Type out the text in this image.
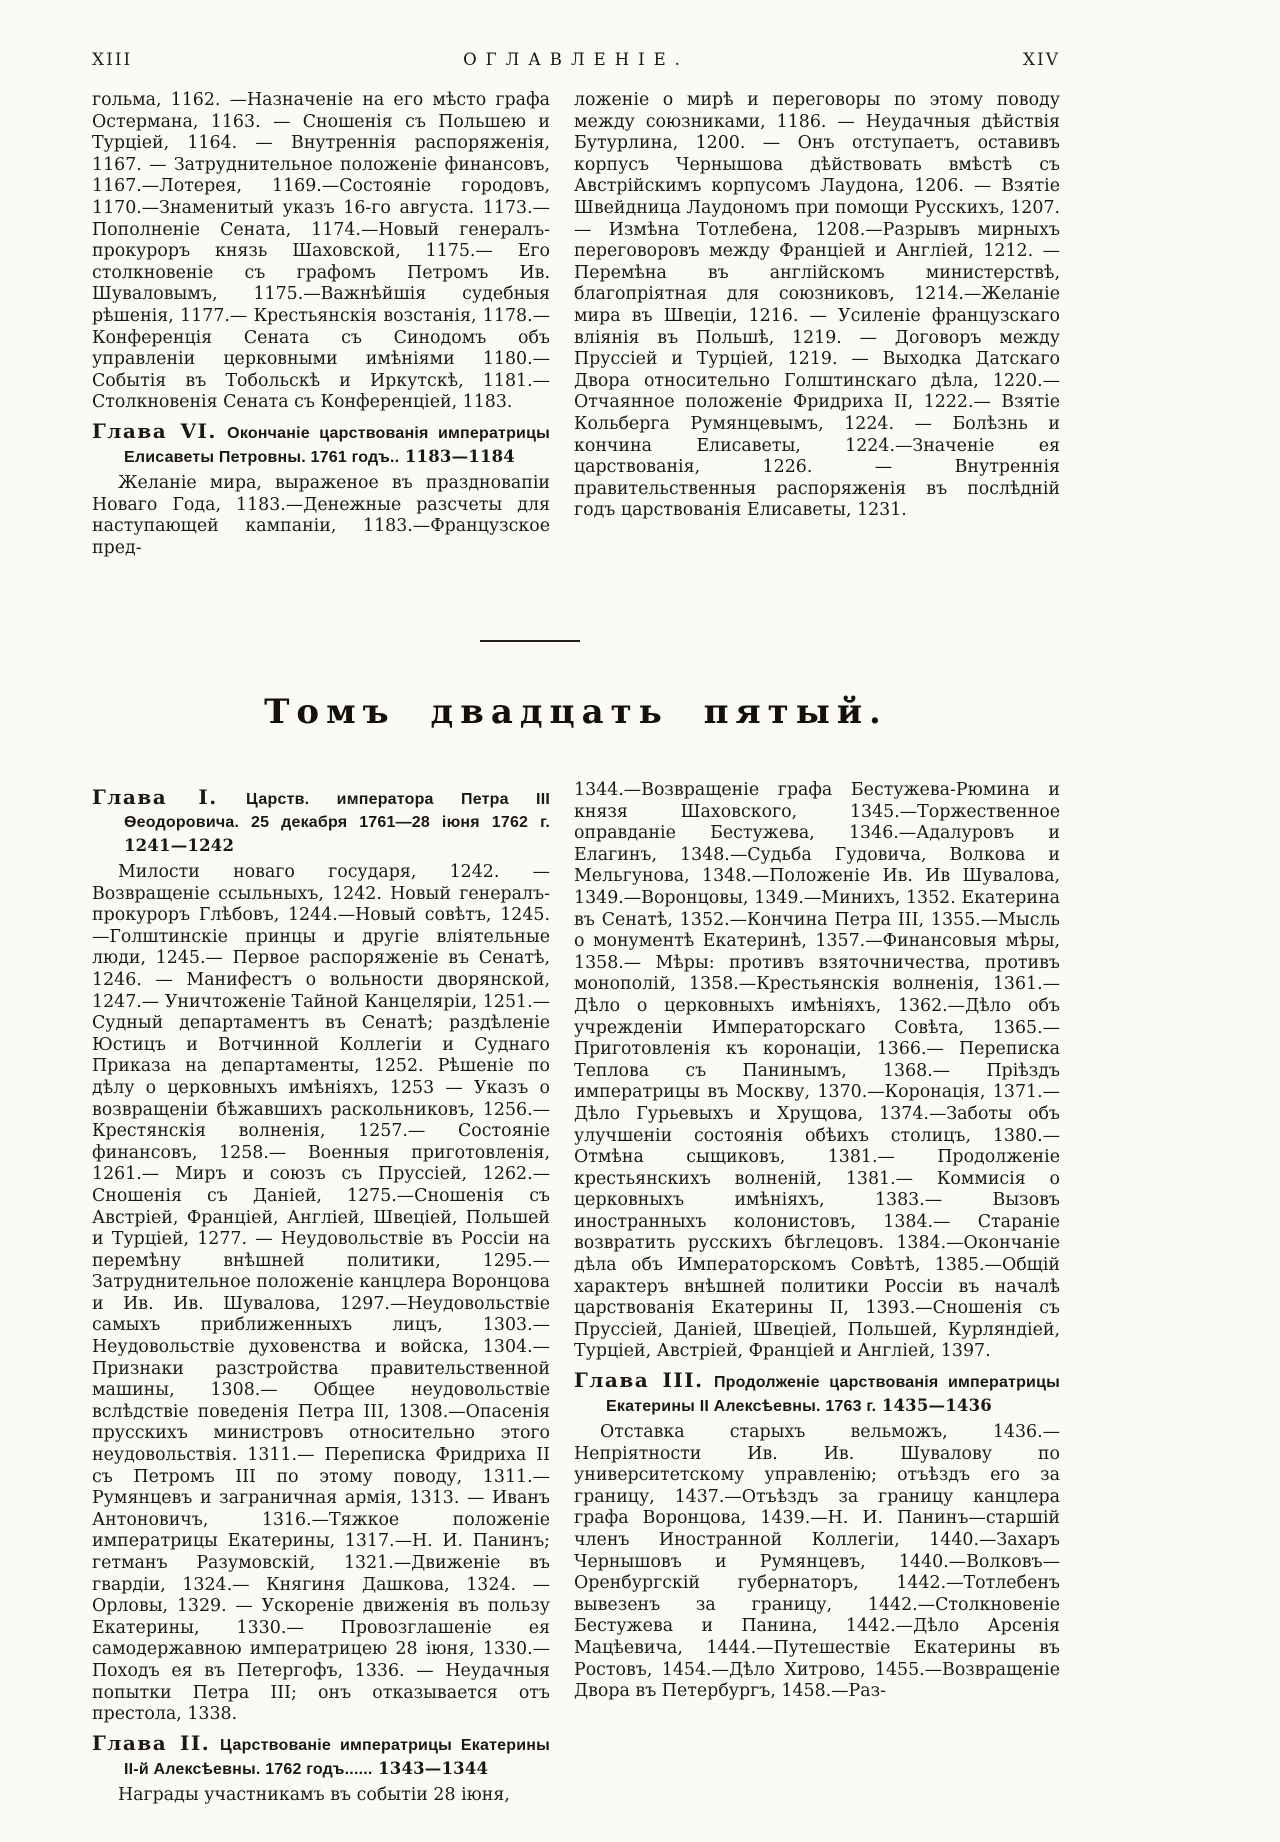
XIII	ОГЛАВЛЕНІЕ.	XIV

гольма, 1162. —Назначеніе на его мѣсто графа Остермана, 1163. — Сношенія съ Польшею и Турціей, 1164. — Внутреннія распоряженія, 1167. — Затруднительное положеніе финансовъ, 1167.—Лотерея, 1169.—Состояніе городовъ, 1170.—Знаменитый указъ 16-го августа. 1173.—Пополненіе Сената, 1174.—Новый генералъ-прокуроръ князь Шаховской, 1175.— Его столкновеніе съ графомъ Петромъ Ив. Шуваловымъ, 1175.—Важнѣйшія судебныя рѣшенія, 1177.— Крестьянскія возстанія, 1178.— Конференція Сената съ Синодомъ объ управленіи церковными имѣніями 1180.—Событія въ Тобольскѣ и Иркутскѣ, 1181.—Столкновенія Сената съ Конференціей, 1183.

Глава VI. Окончаніе царствованія императрицы Елисаветы Петровны. 1761 годъ.. 1183—1184

Желаніе мира, выраженое въ праздновапіи Новаго Года, 1183.—Денежные разсчеты для наступающей кампаніи, 1183.—Французское пред-

ложеніе о мирѣ и переговоры по этому поводу между союзниками, 1186. — Неудачныя дѣйствія Бутурлина, 1200. — Онъ отступаетъ, оставивъ корпусъ Чернышова дѣйствовать вмѣстѣ съ Австрійскимъ корпусомъ Лаудона, 1206. — Взятіе Швейдница Лаудономъ при помощи Русскихъ, 1207. — Измѣна Тотлебена, 1208.—Разрывъ мирныхъ переговоровъ между Франціей и Англіей, 1212. — Перемѣна въ англійскомъ министерствѣ, благопріятная для союзниковъ, 1214.—Желаніе мира въ Швеціи, 1216. — Усиленіе французскаго вліянія въ Польшѣ, 1219. — Договоръ между Пруссіей и Турціей, 1219. — Выходка Датскаго Двора относительно Голштинскаго дѣла, 1220.— Отчаянное положеніе Фридриха II, 1222.— Взятіе Кольберга Румянцевымъ, 1224. — Болѣзнь и кончина Елисаветы, 1224.—Значеніе ея царствованія, 1226. — Внутреннія правительственныя распоряженія въ послѣдній годъ царствованія Елисаветы, 1231.

Томъ двадцать пятый.

Глава I. Царств. императора Петра III Ѳеодоровича. 25 декабря 1761—28 іюня 1762 г. 1241—1242

Милости новаго государя, 1242. — Возвращеніе ссыльныхъ, 1242. Новый генералъ-прокуроръ Глѣбовъ, 1244.—Новый совѣтъ, 1245.—Голштинскіе принцы и другіе вліятельные люди, 1245.— Первое распоряженіе въ Сенатѣ, 1246. — Манифестъ о вольности дворянской, 1247.— Уничтоженіе Тайной Канцеляріи, 1251.— Судный департаментъ въ Сенатѣ; раздѣленіе Юстицъ и Вотчинной Коллегіи и Суднаго Приказа на департаменты, 1252. Рѣшеніе по дѣлу о церковныхъ имѣніяхъ, 1253 — Указъ о возвращеніи бѣжавшихъ раскольниковъ, 1256.— Крестянскія волненія, 1257.— Состояніе финансовъ, 1258.— Военныя приготовленія, 1261.— Миръ и союзъ съ Пруссіей, 1262.—Сношенія съ Даніей, 1275.—Сношенія съ Австріей, Франціей, Англіей, Швеціей, Польшей и Турціей, 1277. — Неудовольствіе въ Россіи на перемѣну внѣшней политики, 1295.—Затруднительное положеніе канцлера Воронцова и Ив. Ив. Шувалова, 1297.—Неудовольствіе самыхъ приближенныхъ лицъ, 1303.—Неудовольствіе духовенства и войска, 1304.—Признаки разстройства правительственной машины, 1308.— Общее неудовольствіе вслѣдствіе поведенія Петра III, 1308.—Опасенія прусскихъ министровъ относительно этого неудовольствія. 1311.— Переписка Фридриха II съ Петромъ III по этому поводу, 1311.—Румянцевъ и заграничная армія, 1313. — Иванъ Антоновичъ, 1316.—Тяжкое положеніе императрицы Екатерины, 1317.—Н. И. Панинъ; гетманъ Разумовскій, 1321.—Движеніе въ гвардіи, 1324.— Княгиня Дашкова, 1324. — Орловы, 1329. — Ускореніе движенія въ пользу Екатерины, 1330.— Провозглашеніе ея самодержавною императрицею 28 іюня, 1330.—Походъ ея въ Петергофъ, 1336. — Неудачныя попытки Петра III; онъ отказывается отъ престола, 1338.

Глава II. Царствованіе императрицы Екатерины II-й Алексѣевны. 1762 годъ...... 1343—1344

Награды участникамъ въ событіи 28 іюня,

1344.—Возвращеніе графа Бестужева-Рюмина и князя Шаховского, 1345.—Торжественное оправданіе Бестужева, 1346.—Адалуровъ и Елагинъ, 1348.—Судьба Гудовича, Волкова и Мельгунова, 1348.—Положеніе Ив. Ив Шувалова, 1349.—Воронцовы, 1349.—Минихъ, 1352. Екатерина въ Сенатѣ, 1352.—Кончина Петра III, 1355.—Мысль о монументѣ Екатеринѣ, 1357.—Финансовыя мѣры, 1358.— Мѣры: противъ взяточничества, противъ монополій, 1358.—Крестьянскія волненія, 1361.— Дѣло о церковныхъ имѣніяхъ, 1362.—Дѣло объ учрежденіи Императорскаго Совѣта, 1365.—Приготовленія къ коронаціи, 1366.— Переписка Теплова съ Панинымъ, 1368.— Пріѣздъ императрицы въ Москву, 1370.—Коронація, 1371.—Дѣло Гурьевыхъ и Хрущова, 1374.—Заботы объ улучшеніи состоянія обѣихъ столицъ, 1380.—Отмѣна сыщиковъ, 1381.— Продолженіе крестьянскихъ волненій, 1381.— Коммисія о церковныхъ имѣніяхъ, 1383.— Вызовъ иностранныхъ колонистовъ, 1384.— Стараніе возвратить русскихъ бѣглецовъ. 1384.—Окончаніе дѣла объ Императорскомъ Совѣтѣ, 1385.—Общій характеръ внѣшней политики Россіи въ началѣ царствованія Екатерины II, 1393.—Сношенія съ Пруссіей, Даніей, Швеціей, Польшей, Курляндіей, Турціей, Австріей, Франціей и Англіей, 1397.

Глава III. Продолженіе царствованія императрицы Екатерины II Алексѣевны. 1763 г. 1435—1436

Отставка старыхъ вельможъ, 1436.—Непріятности Ив. Ив. Шувалову по университетскому управленію; отъѣздъ его за границу, 1437.—Отъѣздъ за границу канцлера графа Воронцова, 1439.—Н. И. Панинъ—старшій членъ Иностранной Коллегіи, 1440.—Захаръ Чернышовъ и Румянцевъ, 1440.—Волковъ—Оренбургскій губернаторъ, 1442.—Тотлебенъ вывезенъ за границу, 1442.—Столкновеніе Бестужева и Панина, 1442.—Дѣло Арсенія Мацѣевича, 1444.—Путешествіе Екатерины въ Ростовъ, 1454.—Дѣло Хитрово, 1455.—Возвращеніе Двора въ Петербургъ, 1458.—Раз-
